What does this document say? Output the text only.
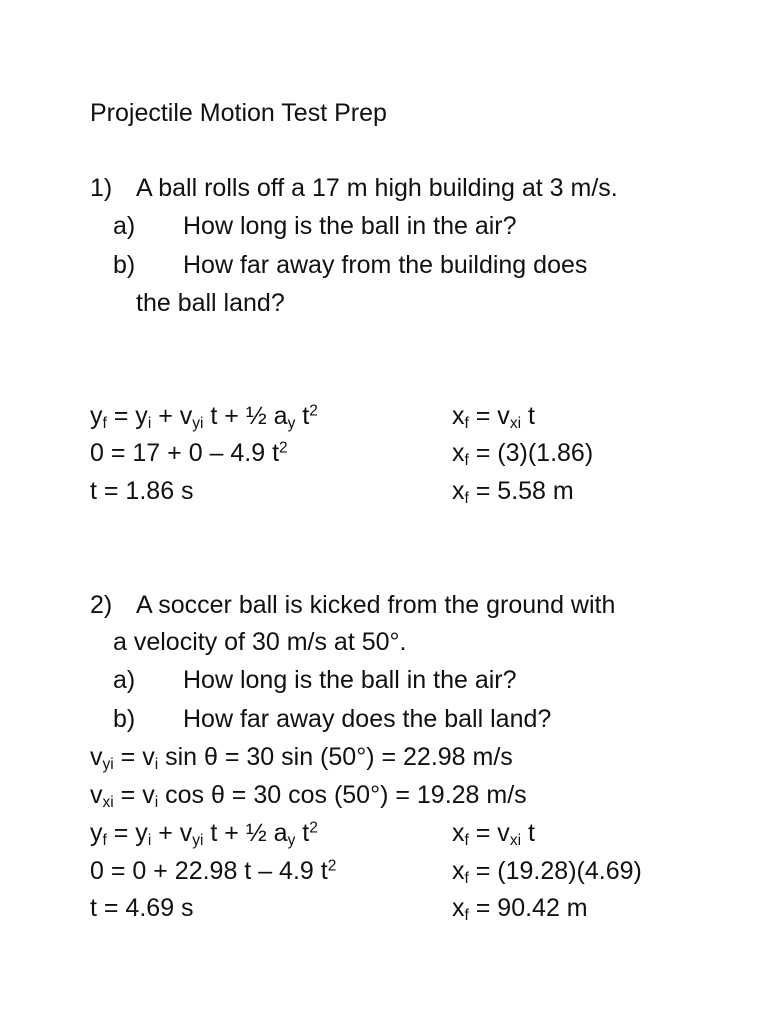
Projectile Motion Test Prep
1) A ball rolls off a 17 m high building at 3 m/s.
a) How long is the ball in the air?
b) How far away from the building does
the ball land?
$y_f = y_i + v_{yi}$ t + ½ $a_y$ $t^2$
0 = 17 + 0 – 4.9 $t^2$
t = 1.86 s
$x_f = v_{xi}$ t
$x_f = (3)(1.86)$
$x_f = 5.58$ m
2) A soccer ball is kicked from the ground with
a velocity of 30 m/s at 50°.
a) How long is the ball in the air?
b) How far away does the ball land?
$v_{yi} = v_i$ sin θ = 30 sin (50°) = 22.98 m/s
$v_{xi} = v_i$ cos θ = 30 cos (50°) = 19.28 m/s
$y_f = y_i + v_{yi}$ t + ½ $a_y$ $t^2$
0 = 0 + 22.98 t – 4.9 $t^2$
t = 4.69 s
$x_f = v_{xi}$ t
$x_f = (19.28)(4.69)$
$x_f = 90.42$ m
